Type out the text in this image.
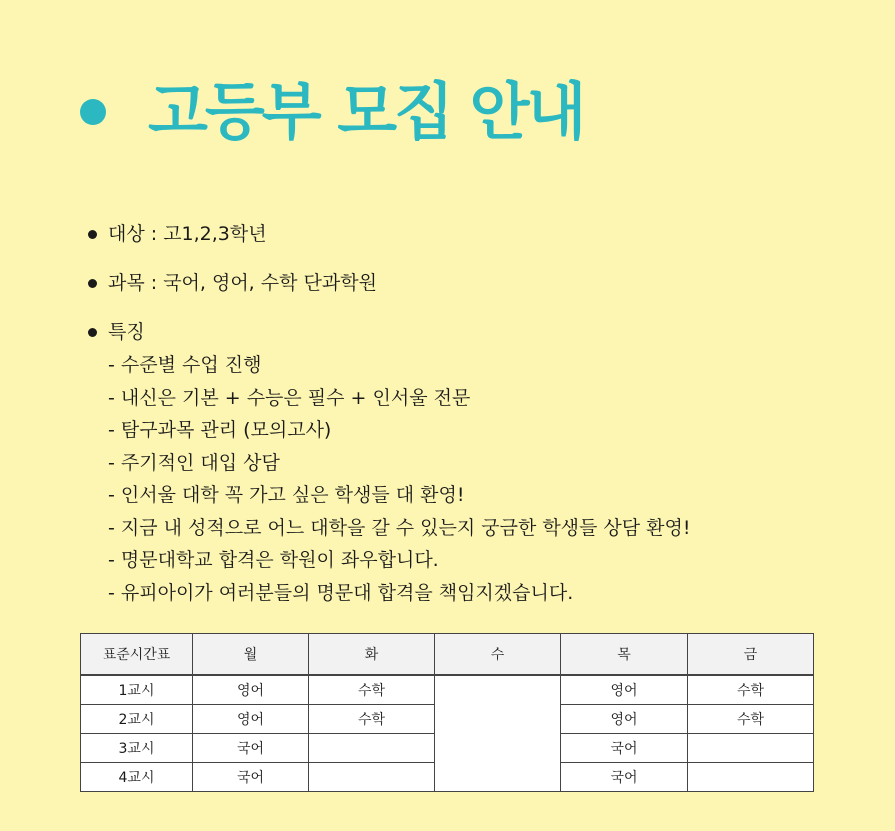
고등부 모집 안내
대상 : 고1,2,3학년
과목 : 국어, 영어, 수학 단과학원
특징
- 수준별 수업 진행
- 내신은 기본 + 수능은 필수 + 인서울 전문
- 탐구과목 관리 (모의고사)
- 주기적인 대입 상담
- 인서울 대학 꼭 가고 싶은 학생들 대 환영!
- 지금 내 성적으로 어느 대학을 갈 수 있는지 궁금한 학생들 상담 환영!
- 명문대학교 합격은 학원이 좌우합니다.
- 유피아이가 여러분들의 명문대 합격을 책임지겠습니다.
표준시간표	월	화	수	목	금
1교시	영어	수학		영어	수학
2교시	영어	수학		영어	수학
3교시	국어			국어	
4교시	국어			국어	
